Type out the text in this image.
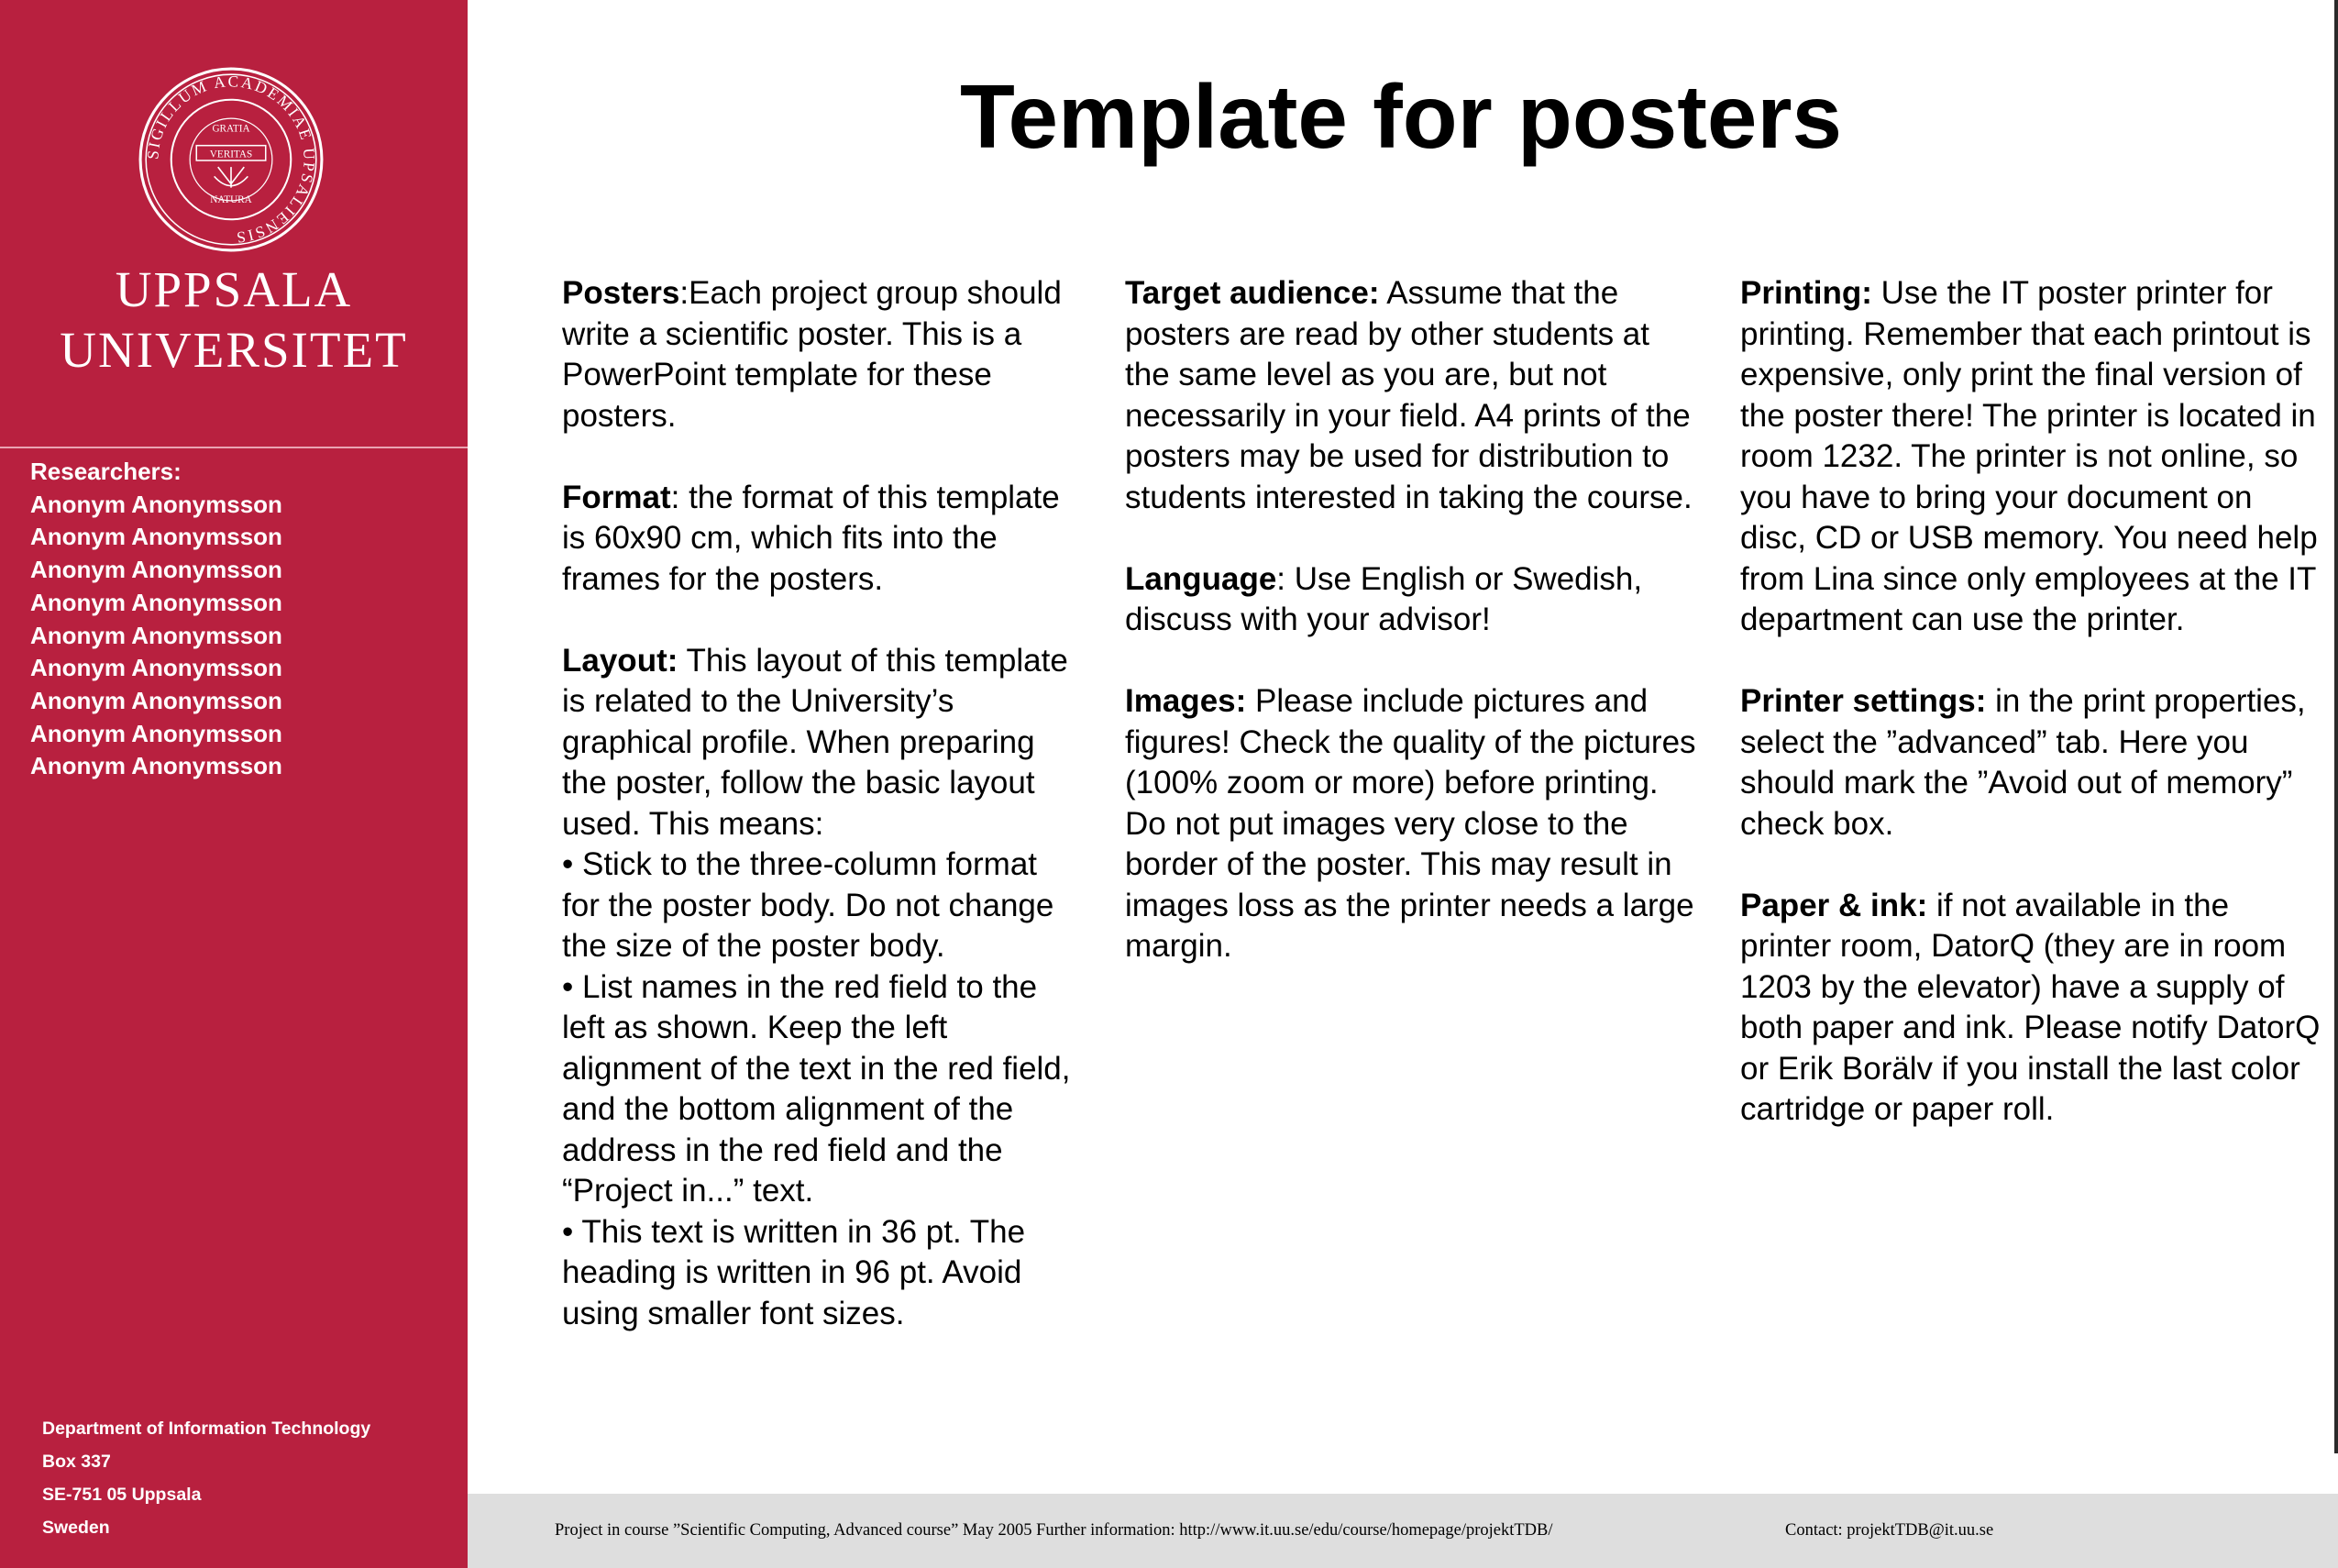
SIGILLUM ACADEMIAE UPSALIENSIS
GRATIA
VERITAS
NATURA
UPPSALA
UNIVERSITET
Researchers:
Anonym Anonymsson
Anonym Anonymsson
Anonym Anonymsson
Anonym Anonymsson
Anonym Anonymsson
Anonym Anonymsson
Anonym Anonymsson
Anonym Anonymsson
Anonym Anonymsson
Department of Information Technology
Box 337
SE-751 05 Uppsala
Sweden
Template for posters

Posters:Each project group should write a scientific poster. This is a PowerPoint template for these posters.

Format: the format of this template is 60x90 cm, which fits into the frames for the posters.

Layout: This layout of this template is related to the University’s graphical profile. When preparing the poster, follow the basic layout used. This means:
• Stick to the three-column format for the poster body. Do not change the size of the poster body.
• List names in the red field to the left as shown. Keep the left alignment of the text in the red field, and the bottom alignment of the address in the red field and the “Project in...” text.
• This text is written in 36 pt. The heading is written in 96 pt. Avoid using smaller font sizes.

Target audience: Assume that the posters are read by other students at the same level as you are, but not necessarily in your field. A4 prints of the posters may be used for distribution to students interested in taking the course.

Language: Use English or Swedish, discuss with your advisor!

Images: Please include pictures and figures! Check the quality of the pictures (100% zoom or more) before printing. Do not put images very close to the border of the poster. This may result in images loss as the printer needs a large margin.

Printing: Use the IT poster printer for printing. Remember that each printout is expensive, only print the final version of the poster there! The printer is located in room 1232. The printer is not online, so you have to bring your document on disc, CD or USB memory. You need help from Lina since only employees at the IT department can use the printer.

Printer settings: in the print properties, select the ”advanced” tab. Here you should mark the ”Avoid out of memory” check box.

Paper & ink: if not available in the printer room, DatorQ (they are in room 1203 by the elevator) have a supply of both paper and ink. Please notify DatorQ or Erik Borälv if you install the last color cartridge or paper roll.

Project in course ”Scientific Computing, Advanced course” May 2005 Further information: http://www.it.uu.se/edu/course/homepage/projektTDB/	Contact: projektTDB@it.uu.se
